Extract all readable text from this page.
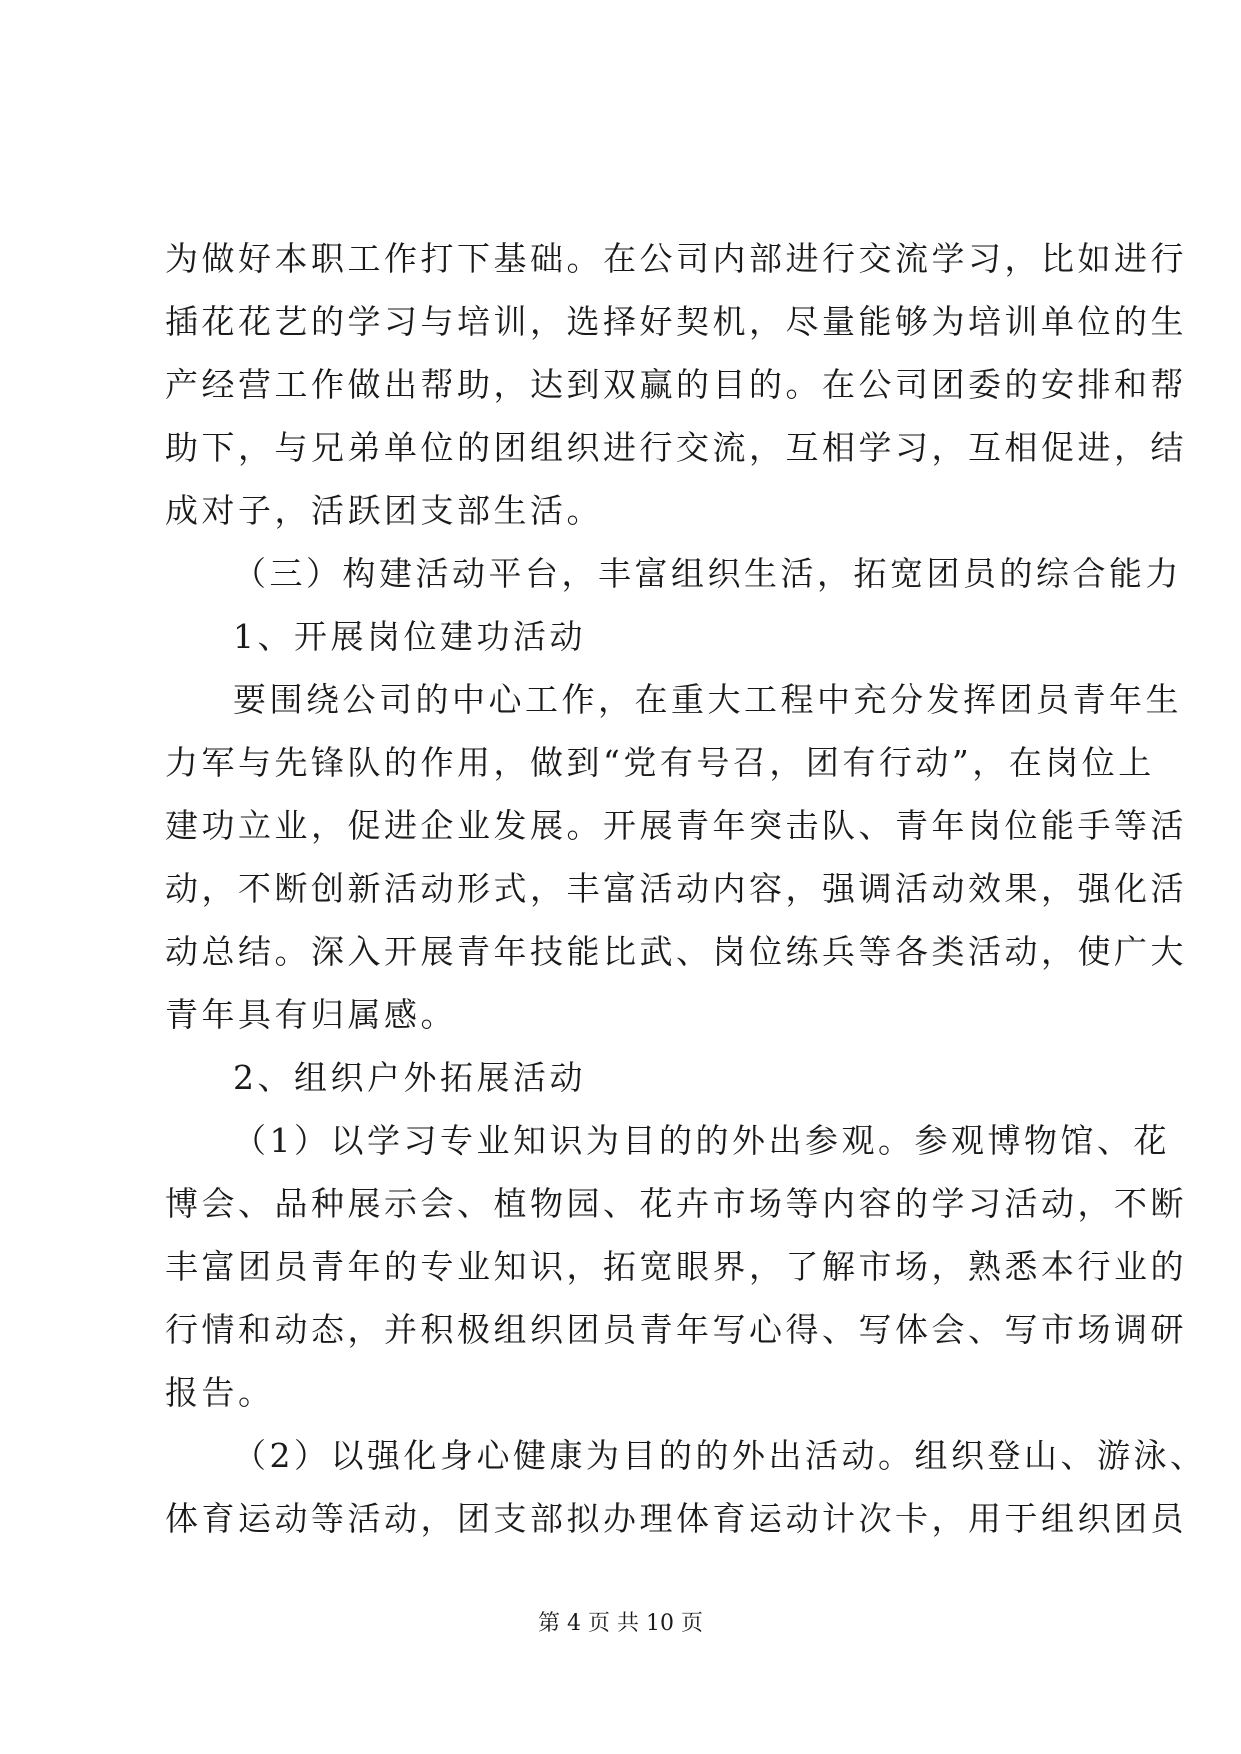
为做好本职工作打下基础。在公司内部进行交流学习，比如进行
插花花艺的学习与培训，选择好契机，尽量能够为培训单位的生
产经营工作做出帮助，达到双赢的目的。在公司团委的安排和帮
助下，与兄弟单位的团组织进行交流，互相学习，互相促进，结
成对子，活跃团支部生活。
（三）构建活动平台，丰富组织生活，拓宽团员的综合能力
1、开展岗位建功活动
要围绕公司的中心工作，在重大工程中充分发挥团员青年生
力军与先锋队的作用，做到“党有号召，团有行动”，在岗位上
建功立业，促进企业发展。开展青年突击队、青年岗位能手等活
动，不断创新活动形式，丰富活动内容，强调活动效果，强化活
动总结。深入开展青年技能比武、岗位练兵等各类活动，使广大
青年具有归属感。
2、组织户外拓展活动
（1）以学习专业知识为目的的外出参观。参观博物馆、花
博会、品种展示会、植物园、花卉市场等内容的学习活动，不断
丰富团员青年的专业知识，拓宽眼界，了解市场，熟悉本行业的
行情和动态，并积极组织团员青年写心得、写体会、写市场调研
报告。
（2）以强化身心健康为目的的外出活动。组织登山、游泳、
体育运动等活动，团支部拟办理体育运动计次卡，用于组织团员
第 4 页 共 10 页
